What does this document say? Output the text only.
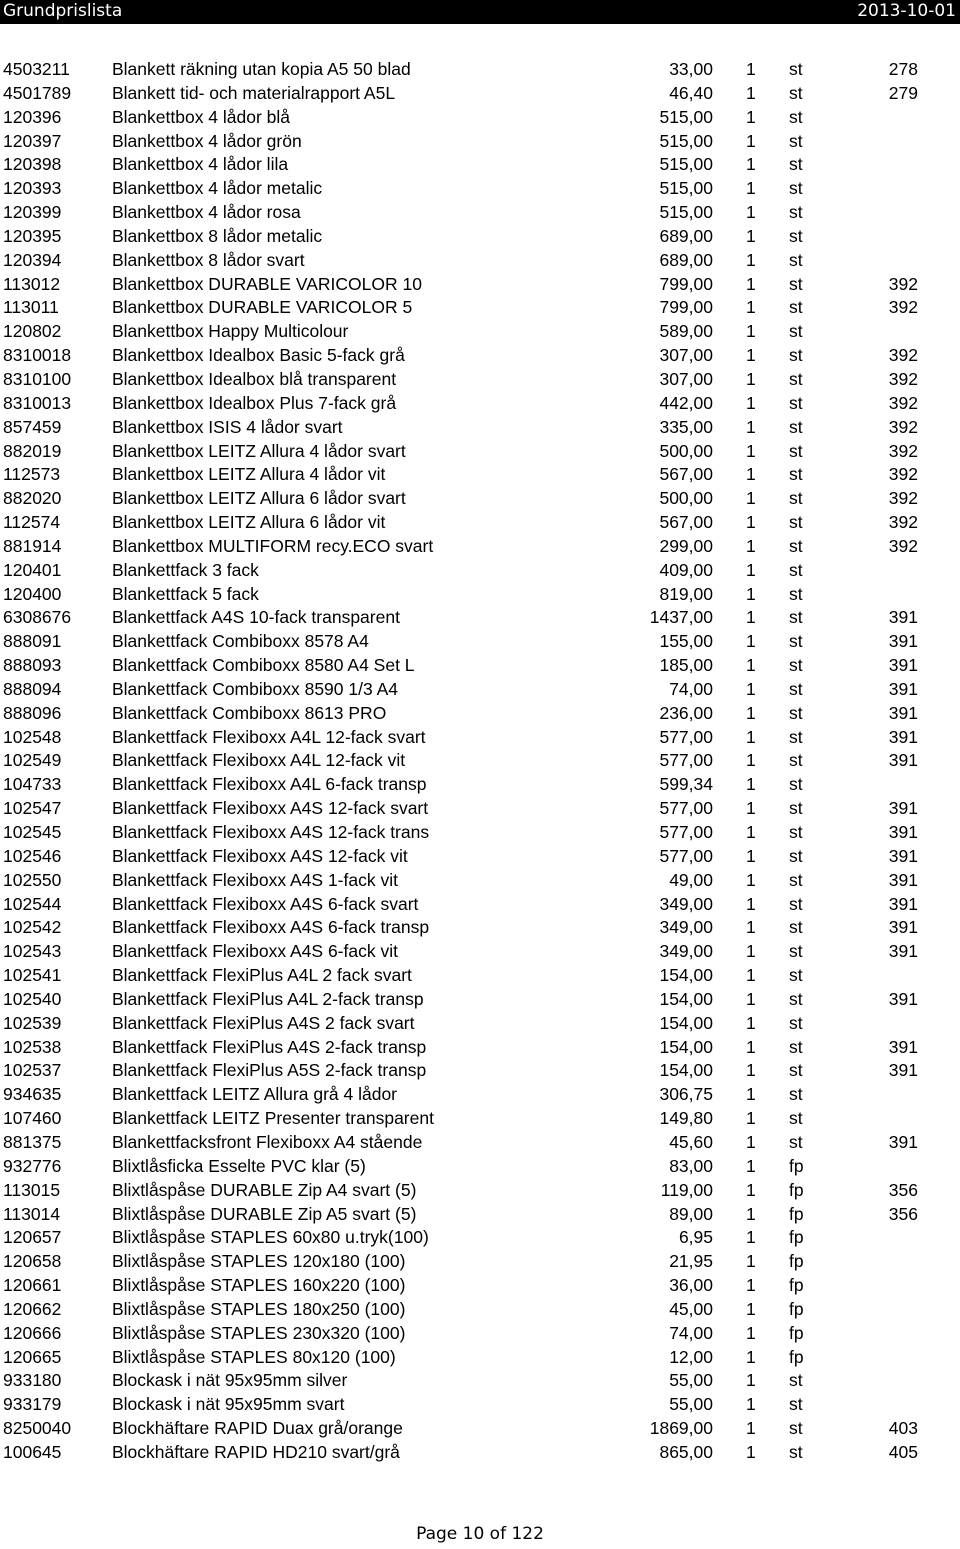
Grundprislista	2013-10-01
4503211 Blankett räkning utan kopia A5 50 blad	33,00 1 st	278
4501789 Blankett tid- och materialrapport A5L	46,40 1 st	279
120396	Blankettbox 4 lådor blå	515,00 1 st
120397	Blankettbox 4 lådor grön	515,00 1 st
120398	Blankettbox 4 lådor lila	515,00 1 st
120393	Blankettbox 4 lådor metalic	515,00 1 st
120399	Blankettbox 4 lådor rosa	515,00 1 st
120395	Blankettbox 8 lådor metalic	689,00 1 st
120394	Blankettbox 8 lådor svart	689,00 1 st
113012	Blankettbox DURABLE VARICOLOR 10	799,00 1 st	392
113011	Blankettbox DURABLE VARICOLOR 5	799,00 1 st	392
120802	Blankettbox Happy Multicolour	589,00 1 st
8310018 Blankettbox Idealbox Basic 5-fack grå	307,00 1 st	392
8310100 Blankettbox Idealbox blå transparent	307,00 1 st	392
8310013 Blankettbox Idealbox Plus 7-fack grå	442,00 1 st	392
857459	Blankettbox ISIS 4 lådor svart	335,00 1 st	392
882019	Blankettbox LEITZ Allura 4 lådor svart	500,00 1 st	392
112573	Blankettbox LEITZ Allura 4 lådor vit	567,00 1 st	392
882020	Blankettbox LEITZ Allura 6 lådor svart	500,00 1 st	392
112574	Blankettbox LEITZ Allura 6 lådor vit	567,00 1 st	392
881914	Blankettbox MULTIFORM recy.ECO svart	299,00 1 st	392
120401	Blankettfack 3 fack	409,00 1 st
120400	Blankettfack 5 fack	819,00 1 st
6308676 Blankettfack A4S 10-fack transparent	1437,00 1 st	391
888091	Blankettfack Combiboxx 8578 A4	155,00 1 st	391
888093	Blankettfack Combiboxx 8580 A4 Set L	185,00 1 st	391
888094	Blankettfack Combiboxx 8590 1/3 A4	74,00 1 st	391
888096	Blankettfack Combiboxx 8613 PRO	236,00 1 st	391
102548	Blankettfack Flexiboxx A4L 12-fack svart	577,00 1 st	391
102549	Blankettfack Flexiboxx A4L 12-fack vit	577,00 1 st	391
104733	Blankettfack Flexiboxx A4L 6-fack transp	599,34 1 st
102547	Blankettfack Flexiboxx A4S 12-fack svart	577,00 1 st	391
102545	Blankettfack Flexiboxx A4S 12-fack trans	577,00 1 st	391
102546	Blankettfack Flexiboxx A4S 12-fack vit	577,00 1 st	391
102550	Blankettfack Flexiboxx A4S 1-fack vit	49,00 1 st	391
102544	Blankettfack Flexiboxx A4S 6-fack svart	349,00 1 st	391
102542	Blankettfack Flexiboxx A4S 6-fack transp	349,00 1 st	391
102543	Blankettfack Flexiboxx A4S 6-fack vit	349,00 1 st	391
102541	Blankettfack FlexiPlus A4L 2 fack svart	154,00 1 st
102540	Blankettfack FlexiPlus A4L 2-fack transp	154,00 1 st	391
102539	Blankettfack FlexiPlus A4S 2 fack svart	154,00 1 st
102538	Blankettfack FlexiPlus A4S 2-fack transp	154,00 1 st	391
102537	Blankettfack FlexiPlus A5S 2-fack transp	154,00 1 st	391
934635	Blankettfack LEITZ Allura grå 4 lådor	306,75 1 st
107460	Blankettfack LEITZ Presenter transparent	149,80 1 st
881375	Blankettfacksfront Flexiboxx A4 stående	45,60 1 st	391
932776	Blixtlåsficka Esselte PVC klar (5)	83,00 1 fp
113015	Blixtlåspåse DURABLE Zip A4 svart (5)	119,00 1 fp	356
113014	Blixtlåspåse DURABLE Zip A5 svart (5)	89,00 1 fp	356
120657	Blixtlåspåse STAPLES 60x80 u.tryk(100)	6,95 1 fp
120658	Blixtlåspåse STAPLES 120x180 (100)	21,95 1 fp
120661	Blixtlåspåse STAPLES 160x220 (100)	36,00 1 fp
120662	Blixtlåspåse STAPLES 180x250 (100)	45,00 1 fp
120666	Blixtlåspåse STAPLES 230x320 (100)	74,00 1 fp
120665	Blixtlåspåse STAPLES 80x120 (100)	12,00 1 fp
933180	Blockask i nät 95x95mm silver	55,00 1 st
933179	Blockask i nät 95x95mm svart	55,00 1 st
8250040 Blockhäftare RAPID Duax grå/orange	1869,00 1 st	403
100645	Blockhäftare RAPID HD210 svart/grå	865,00 1 st	405
Page 10 of 122
